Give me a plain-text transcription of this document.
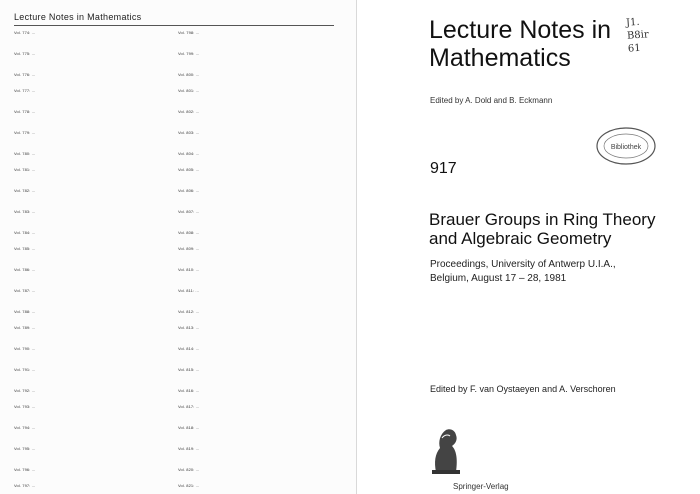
Lecture Notes in Mathematics
Vol. 774: ...
Vol. 775: ...
Vol. 776: ...
Vol. 777: ...
Vol. 778: ...
Vol. 779: ...
Vol. 780: ...
Vol. 781: ...
Vol. 782: ...
Vol. 783: ...
Vol. 784: ...
Vol. 785: ...
Vol. 786: ...
Vol. 787: ...
Vol. 788: ...
Vol. 789: ...
Vol. 790: ...
Vol. 791: ...
Vol. 792: ...
Vol. 793: ...
Vol. 794: ...
Vol. 795: ...
Vol. 796: ...
Vol. 797: ...
Vol. 798: ...
Vol. 799: ...
Vol. 800: ...
Vol. 801: ...
Vol. 802: ...
Vol. 803: ...
Vol. 804: ...
Vol. 805: ...
Vol. 806: ...
Vol. 807: ...
Vol. 808: ...
Vol. 809: ...
Vol. 810: ...
Vol. 811: ...
Vol. 812: ...
Vol. 813: ...
Vol. 814: ...
Vol. 815: ...
Vol. 816: ...
Vol. 817: ...
Vol. 818: ...
Vol. 819: ...
Vol. 820: ...
Vol. 821: ...
Lecture Notes in
Mathematics
J1.
B8ir
61
Edited by A. Dold and B. Eckmann
Bibliothek
917
Brauer Groups in Ring Theory
and Algebraic Geometry
Proceedings, University of Antwerp U.I.A.,
Belgium, August 17 – 28, 1981
Edited by F. van Oystaeyen and A. Verschoren
Springer-Verlag
